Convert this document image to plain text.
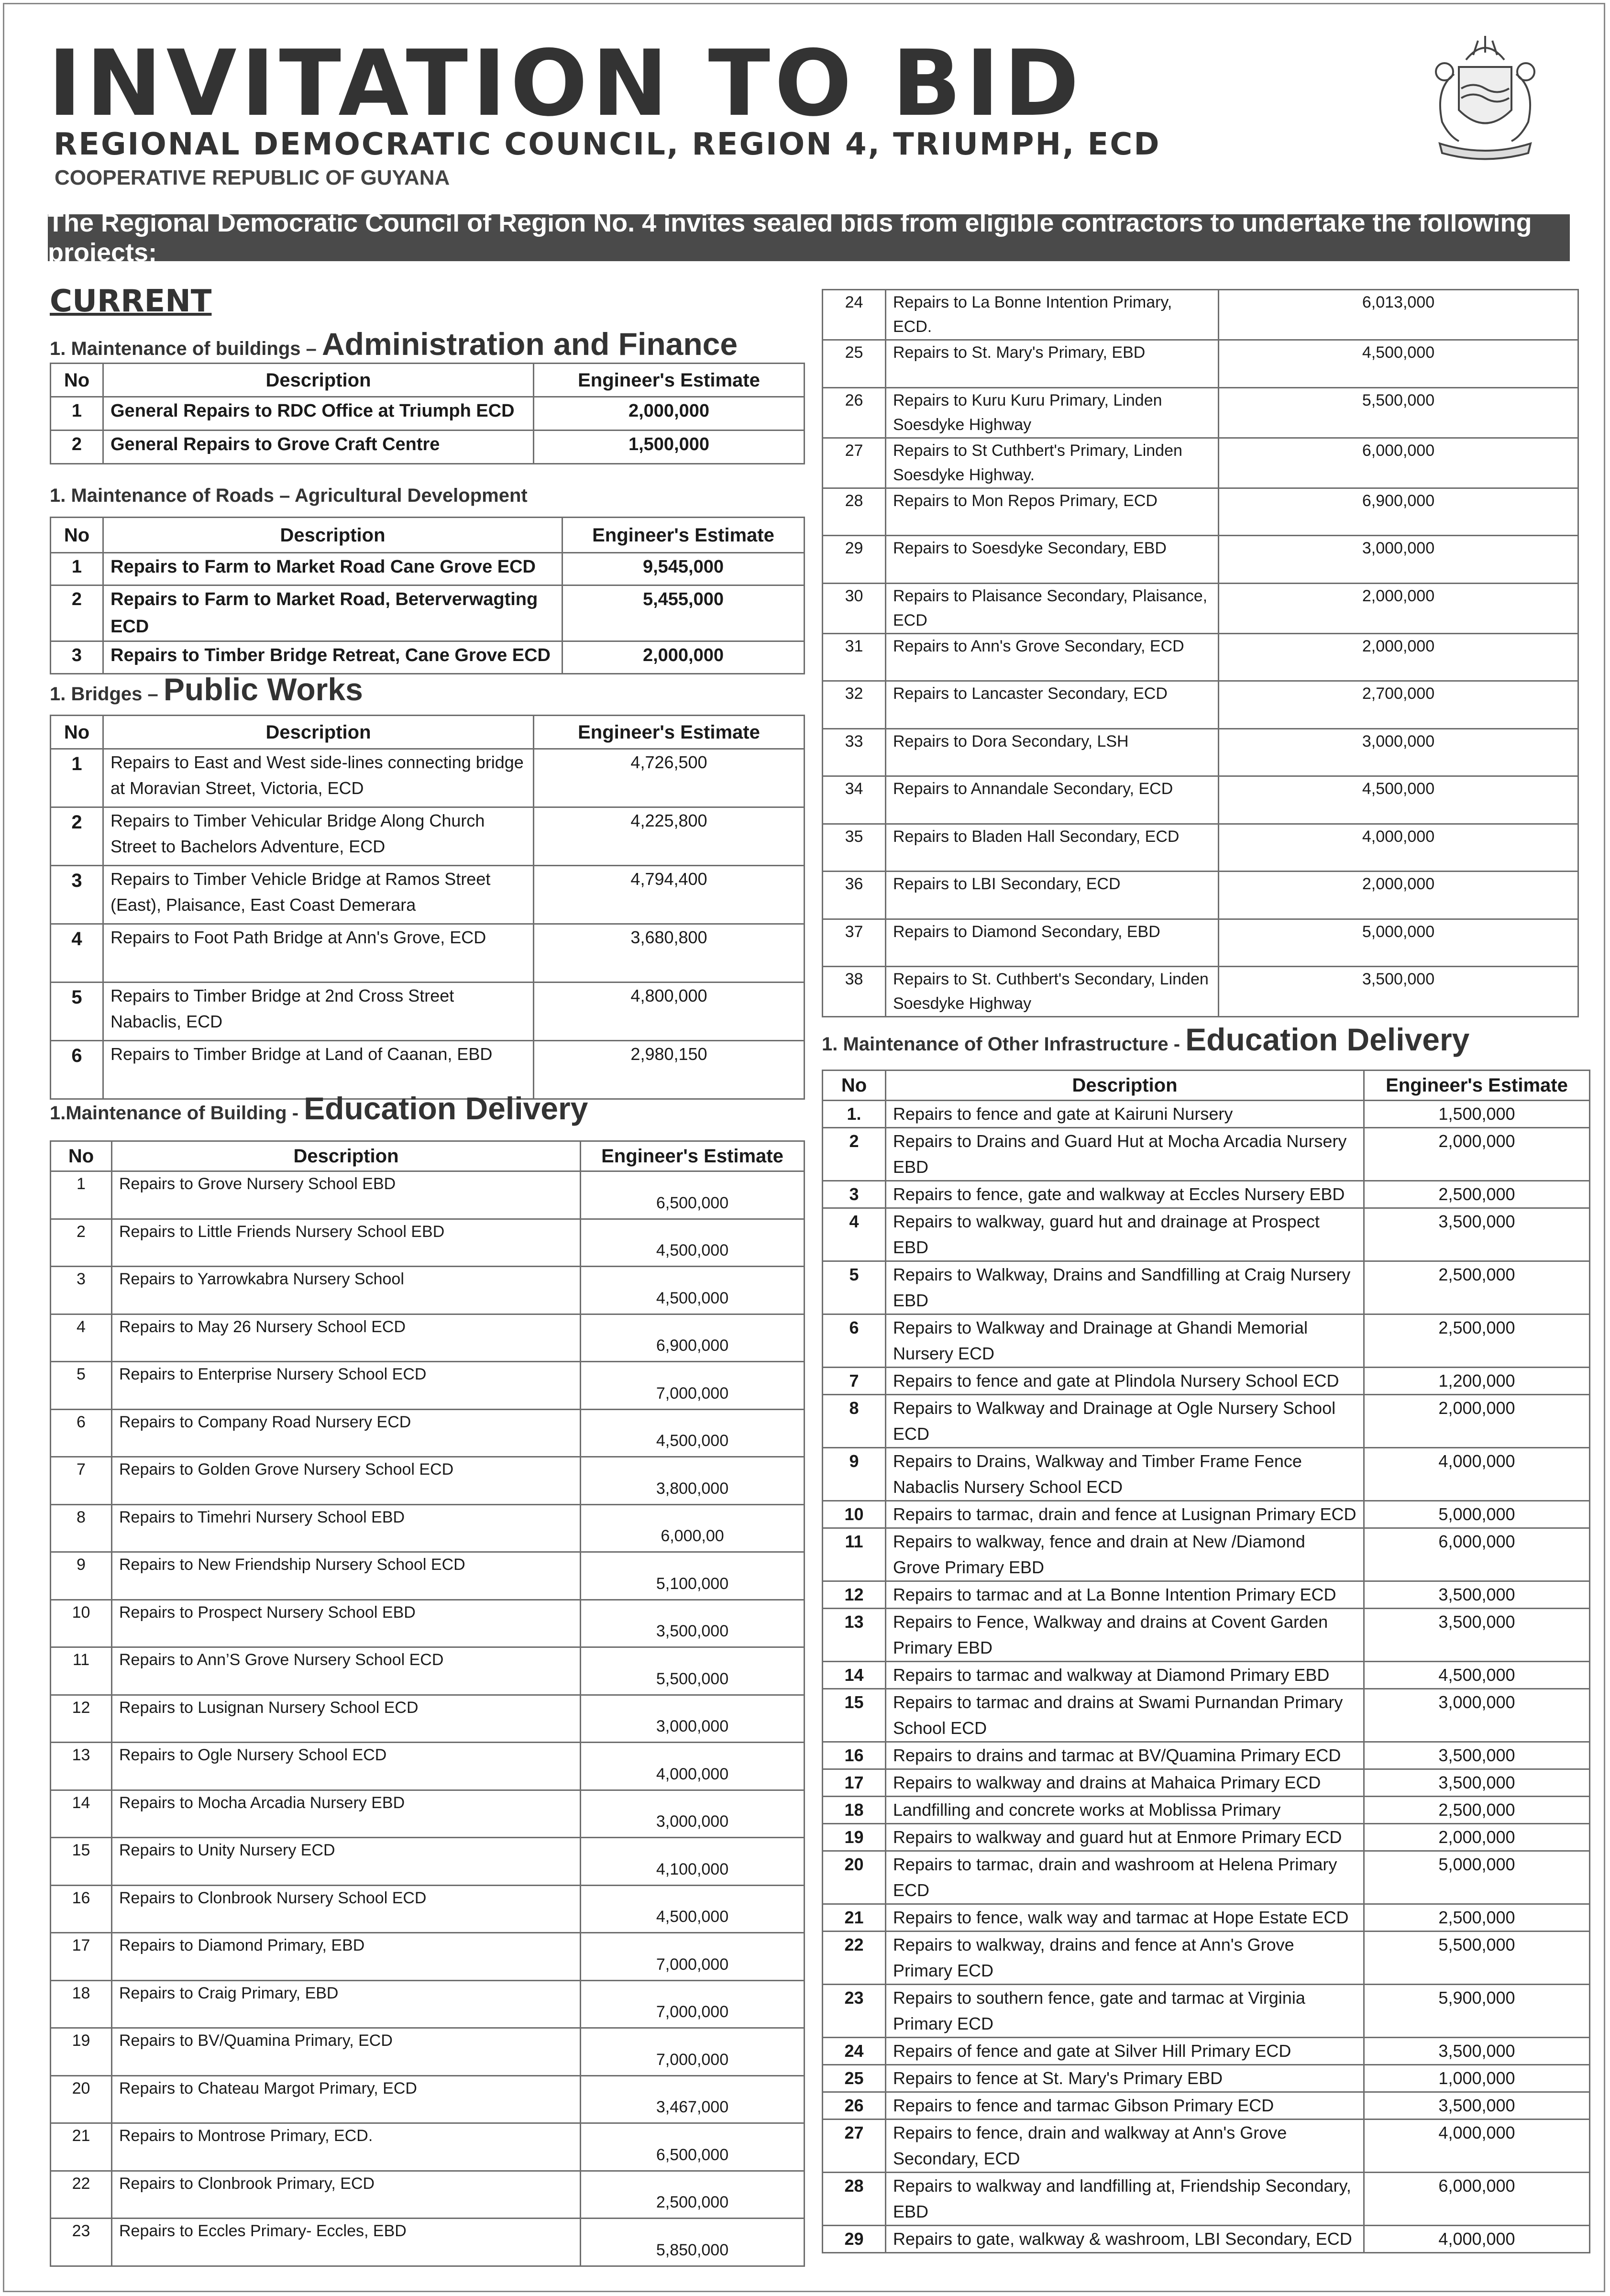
INVITATION TO BID
REGIONAL DEMOCRATIC COUNCIL, REGION 4, TRIUMPH, ECD
COOPERATIVE REPUBLIC OF GUYANA
The Regional Democratic Council of Region No. 4 invites sealed bids from eligible contractors to undertake the following projects:
CURRENT
1. Maintenance of buildings – Administration and Finance
No	Description	Engineer's Estimate
1	General Repairs to RDC Office at Triumph ECD	2,000,000
2	General Repairs to Grove Craft Centre	1,500,000
1. Maintenance of Roads – Agricultural Development
No	Description	Engineer's Estimate
1	Repairs to Farm to Market Road Cane Grove ECD	9,545,000
2	Repairs to Farm to Market Road, Beterverwagting ECD	5,455,000
3	Repairs to Timber Bridge Retreat, Cane Grove ECD	2,000,000
1. Bridges – Public Works
No	Description	Engineer's Estimate
1	Repairs to East and West side-lines connecting bridge at Moravian Street, Victoria, ECD	4,726,500
2	Repairs to Timber Vehicular Bridge Along Church Street to Bachelors Adventure, ECD	4,225,800
3	Repairs to Timber Vehicle Bridge at Ramos Street (East), Plaisance, East Coast Demerara	4,794,400
4	Repairs to Foot Path Bridge at Ann's Grove, ECD	3,680,800
5	Repairs to Timber Bridge at 2nd Cross Street Nabaclis, ECD	4,800,000
6	Repairs to Timber Bridge at Land of Caanan, EBD	2,980,150
1.Maintenance of Building - Education Delivery
No	Description	Engineer's Estimate
1	Repairs to Grove Nursery School EBD	6,500,000
2	Repairs to Little Friends Nursery School EBD	4,500,000
3	Repairs to Yarrowkabra Nursery School	4,500,000
4	Repairs to May 26 Nursery School ECD	6,900,000
5	Repairs to Enterprise Nursery School ECD	7,000,000
6	Repairs to Company Road Nursery ECD	4,500,000
7	Repairs to Golden Grove Nursery School ECD	3,800,000
8	Repairs to Timehri Nursery School EBD	6,000,00
9	Repairs to New Friendship Nursery School ECD	5,100,000
10	Repairs to Prospect Nursery School EBD	3,500,000
11	Repairs to Ann’S Grove Nursery School ECD	5,500,000
12	Repairs to Lusignan Nursery School ECD	3,000,000
13	Repairs to Ogle Nursery School ECD	4,000,000
14	Repairs to Mocha Arcadia Nursery EBD	3,000,000
15	Repairs to Unity Nursery ECD	4,100,000
16	Repairs to Clonbrook Nursery School ECD	4,500,000
17	Repairs to Diamond Primary, EBD	7,000,000
18	Repairs to Craig Primary, EBD	7,000,000
19	Repairs to BV/Quamina Primary, ECD	7,000,000
20	Repairs to Chateau Margot Primary, ECD	3,467,000
21	Repairs to Montrose Primary, ECD.	6,500,000
22	Repairs to Clonbrook Primary, ECD	2,500,000
23	Repairs to Eccles Primary- Eccles, EBD	5,850,000
24	Repairs to La Bonne Intention Primary, ECD.	6,013,000
25	Repairs to St. Mary's Primary, EBD	4,500,000
26	Repairs to Kuru Kuru Primary, Linden Soesdyke Highway	5,500,000
27	Repairs to St Cuthbert's Primary, Linden Soesdyke Highway.	6,000,000
28	Repairs to Mon Repos Primary, ECD	6,900,000
29	Repairs to Soesdyke Secondary, EBD	3,000,000
30	Repairs to Plaisance Secondary, Plaisance, ECD	2,000,000
31	Repairs to Ann's Grove Secondary, ECD	2,000,000
32	Repairs to Lancaster Secondary, ECD	2,700,000
33	Repairs to Dora Secondary, LSH	3,000,000
34	Repairs to Annandale Secondary, ECD	4,500,000
35	Repairs to Bladen Hall Secondary, ECD	4,000,000
36	Repairs to LBI Secondary, ECD	2,000,000
37	Repairs to Diamond Secondary, EBD	5,000,000
38	Repairs to St. Cuthbert's Secondary, Linden Soesdyke Highway	3,500,000
1. Maintenance of Other Infrastructure - Education Delivery
No	Description	Engineer's Estimate
1.	Repairs to fence and gate at Kairuni Nursery	1,500,000
2	Repairs to Drains and Guard Hut at Mocha Arcadia Nursery EBD	2,000,000
3	Repairs to fence, gate and walkway at Eccles Nursery EBD	2,500,000
4	Repairs to walkway, guard hut and drainage at Prospect EBD	3,500,000
5	Repairs to Walkway, Drains and Sandfilling at Craig Nursery EBD	2,500,000
6	Repairs to Walkway and Drainage at Ghandi Memorial Nursery ECD	2,500,000
7	Repairs to fence and gate at Plindola Nursery School ECD	1,200,000
8	Repairs to Walkway and Drainage at Ogle Nursery School ECD	2,000,000
9	Repairs to Drains, Walkway and Timber Frame Fence Nabaclis Nursery School ECD	4,000,000
10	Repairs to tarmac, drain and fence at Lusignan Primary ECD	5,000,000
11	Repairs to walkway, fence and drain at New /Diamond Grove Primary EBD	6,000,000
12	Repairs to tarmac and at La Bonne Intention Primary ECD	3,500,000
13	Repairs to Fence, Walkway and drains at Covent Garden Primary EBD	3,500,000
14	Repairs to tarmac and walkway at Diamond Primary EBD	4,500,000
15	Repairs to tarmac and drains at Swami Purnandan Primary School ECD	3,000,000
16	Repairs to drains and tarmac at BV/Quamina Primary ECD	3,500,000
17	Repairs to walkway and drains at Mahaica Primary ECD	3,500,000
18	Landfilling and concrete works at Moblissa Primary	2,500,000
19	Repairs to walkway and guard hut at Enmore Primary ECD	2,000,000
20	Repairs to tarmac, drain and washroom at Helena Primary ECD	5,000,000
21	Repairs to fence, walk way and tarmac at Hope Estate ECD	2,500,000
22	Repairs to walkway, drains and fence at Ann's Grove Primary ECD	5,500,000
23	Repairs to southern fence, gate and tarmac at Virginia Primary ECD	5,900,000
24	Repairs of fence and gate at Silver Hill Primary ECD	3,500,000
25	Repairs to fence at St. Mary's Primary EBD	1,000,000
26	Repairs to fence and tarmac Gibson Primary ECD	3,500,000
27	Repairs to fence, drain and walkway at Ann's Grove Secondary, ECD	4,000,000
28	Repairs to walkway and landfilling at, Friendship Secondary, EBD	6,000,000
29	Repairs to gate, walkway & washroom, LBI Secondary, ECD	4,000,000
